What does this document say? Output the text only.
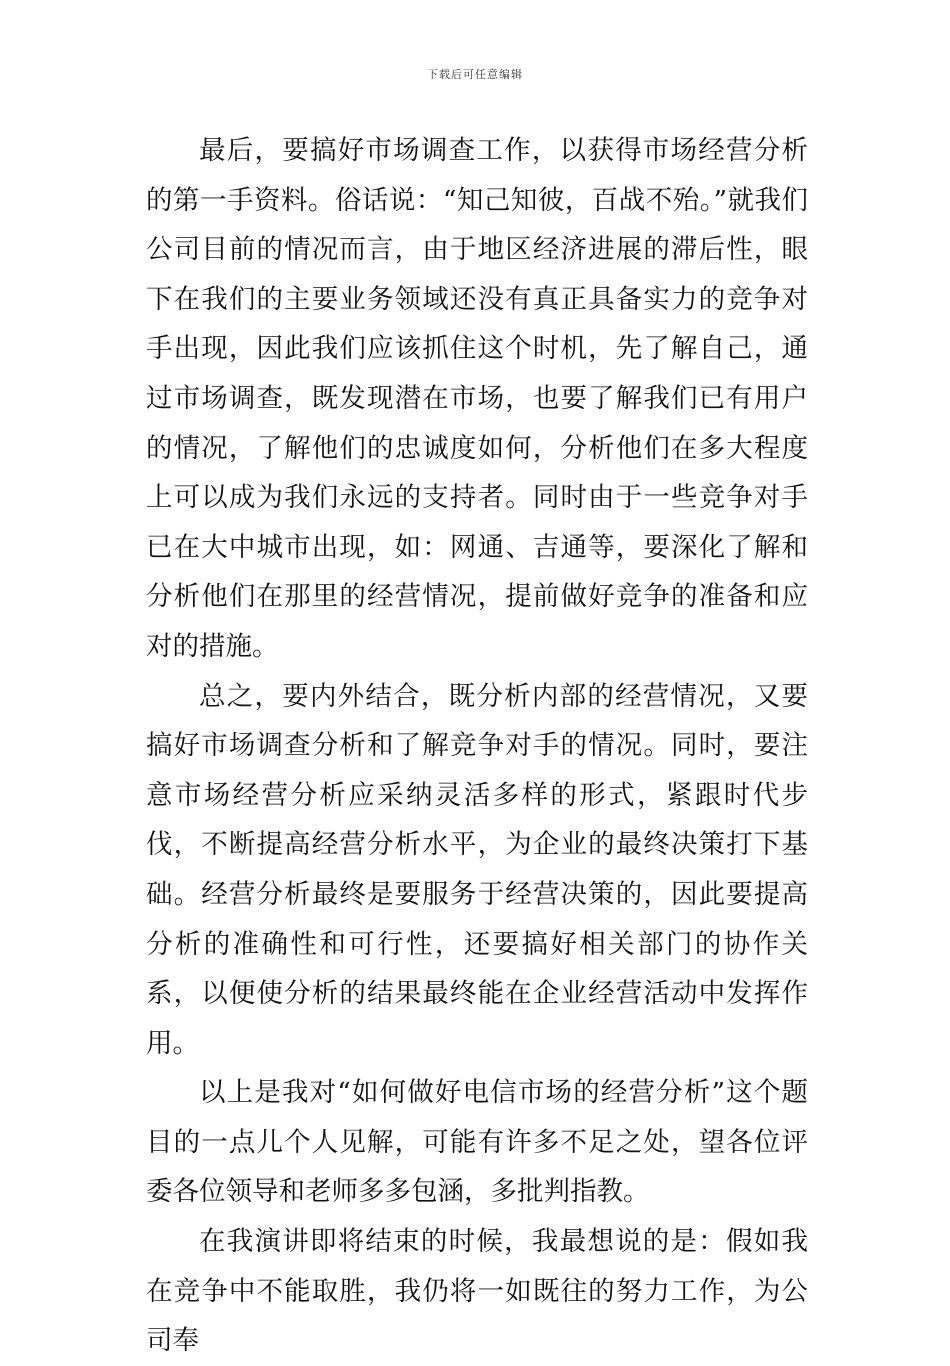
下载后可任意编辑

最后，要搞好市场调查工作，以获得市场经营分析的第一手资料。俗话说：“知己知彼，百战不殆。”就我们公司目前的情况而言，由于地区经济进展的滞后性，眼下在我们的主要业务领域还没有真正具备实力的竞争对手出现，因此我们应该抓住这个时机，先了解自己，通过市场调查，既发现潜在市场，也要了解我们已有用户的情况，了解他们的忠诚度如何，分析他们在多大程度上可以成为我们永远的支持者。同时由于一些竞争对手已在大中城市出现，如：网通、吉通等，要深化了解和分析他们在那里的经营情况，提前做好竞争的准备和应对的措施。

总之，要内外结合，既分析内部的经营情况，又要搞好市场调查分析和了解竞争对手的情况。同时，要注意市场经营分析应采纳灵活多样的形式，紧跟时代步伐，不断提高经营分析水平，为企业的最终决策打下基础。经营分析最终是要服务于经营决策的，因此要提高分析的准确性和可行性，还要搞好相关部门的协作关系，以便使分析的结果最终能在企业经营活动中发挥作用。

以上是我对“如何做好电信市场的经营分析”这个题目的一点儿个人见解，可能有许多不足之处，望各位评委各位领导和老师多多包涵，多批判指教。

在我演讲即将结束的时候，我最想说的是：假如我在竞争中不能取胜，我仍将一如既往的努力工作，为公司奉
